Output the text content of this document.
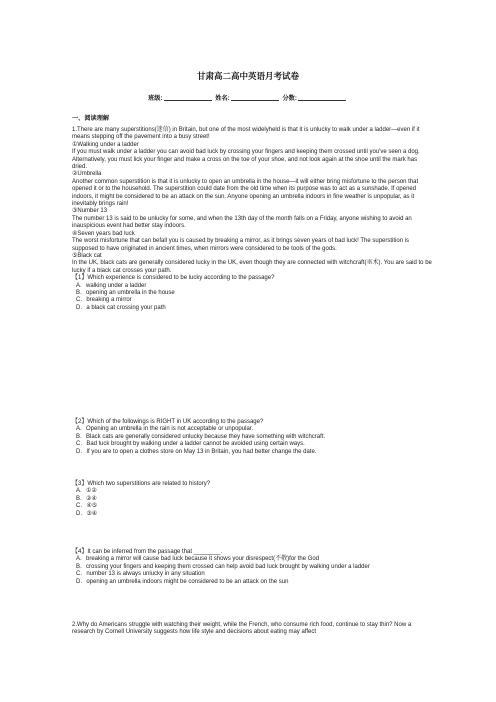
甘肃高二高中英语月考试卷
班级:	姓名:	分数:
一、阅读理解

1.There are many superstitions(迷信) in Britain, but one of the most widelyheld is that it is unlucky to walk under a ladder—even if it means stepping off the pavement into a busy street!

①Walking under a ladder

If you must walk under a ladder you can avoid bad luck by crossing your fingers and keeping them crossed until you've seen a dog. Alternatively, you must lick your finger and make a cross on the toe of your shoe, and not look again at the shoe until the mark has dried.

②Umbrella

Another common superstition is that it is unlucky to open an umbrella in the house—it will either bring misfortune to the person that opened it or to the household. The superstition could date from the old time when its purpose was to act as a sunshade. If opened indoors, it might be considered to be an attack on the sun. Anyone opening an umbrella indoors in fine weather is unpopular, as it inevitably brings rain!

③Number 13

The number 13 is said to be unlucky for some, and when the 13th day of the month falls on a Friday, anyone wishing to avoid an inauspicious event had better stay indoors.

④Seven years bad luck

The worst misfortune that can befall you is caused by breaking a mirror, as it brings seven years of bad luck! The superstition is supposed to have originated in ancient times, when mirrors were considered to be tools of the gods.

⑤Black cat

In the UK, black cats are generally considered lucky in the UK, even though they are connected with witchcraft(巫术). You are said to be lucky if a black cat crosses your path.

【1】Which experience is considered to be lucky according to the passage?

A．walking under a ladder

B．opening an umbrella in the house

C．breaking a mirror

D．a black cat crossing your path

【2】Which of the followings is RIGHT in UK according to the passage?

A．Opening an umbrella in the rain is not acceptable or unpopular.

B．Black cats are generally considered unlucky because they have something with witchcraft.

C．Bad luck brought by walking under a ladder cannot be avoided using certain ways.

D．If you are to open a clothes store on May 13 in Britain, you had better change the date.

【3】Which two superstitions are related to history?

A．①②

B．②④

C．④⑤

D．③④

【4】It can be inferred from the passage that ________.

A．breaking a mirror will cause bad luck because it shows your disrespect(不敬)for the God

B．crossing your fingers and keeping them crossed can help avoid bad luck brought by walking under a ladder

C．number 13 is always unlucky in any situation

D．opening an umbrella indoors might be considered to be an attack on the sun

2.Why do Americans struggle with watching their weight, while the French, who consume rich food, continue to stay thin? Now a research by Cornell University suggests how life style and decisions about eating may affect
